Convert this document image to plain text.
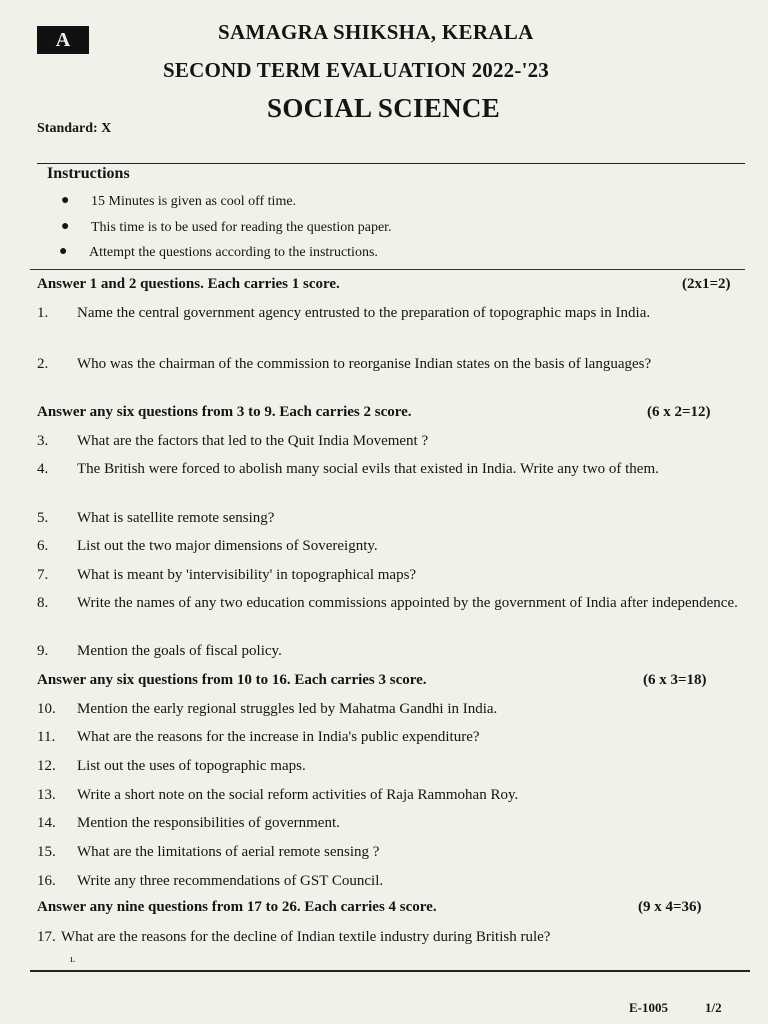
A	SAMAGRA SHIKSHA, KERALA
SECOND TERM EVALUATION 2022-'23
SOCIAL SCIENCE
Standard: X
Instructions
● 15 Minutes is given as cool off time.
● This time is to be used for reading the question paper.
● Attempt the questions according to the instructions.
Answer 1 and 2 questions. Each carries 1 score.	(2x1=2)
1. Name the central government agency entrusted to the preparation of topographic maps in India.
2. Who was the chairman of the commission to reorganise Indian states on the basis of languages?
Answer any six questions from 3 to 9. Each carries 2 score.	(6 x 2=12)
3. What are the factors that led to the Quit India Movement ?
4. The British were forced to abolish many social evils that existed in India. Write any two of them.
5. What is satellite remote sensing?
6. List out the two major dimensions of Sovereignty.
7. What is meant by 'intervisibility' in topographical maps?
8. Write the names of any two education commissions appointed by the government of India after independence.
9. Mention the goals of fiscal policy.
Answer any six questions from 10 to 16. Each carries 3 score.	(6 x 3=18)
10. Mention the early regional struggles led by Mahatma Gandhi in India.
11. What are the reasons for the increase in India's public expenditure?
12. List out the uses of topographic maps.
13. Write a short note on the social reform activities of Raja Rammohan Roy.
14. Mention the responsibilities of government.
15. What are the limitations of aerial remote sensing ?
16. Write any three recommendations of GST Council.
Answer any nine questions from 17 to 26. Each carries 4 score.	(9 x 4=36)
17. What are the reasons for the decline of Indian textile industry during British rule?
ı.
E-1005	1/2
